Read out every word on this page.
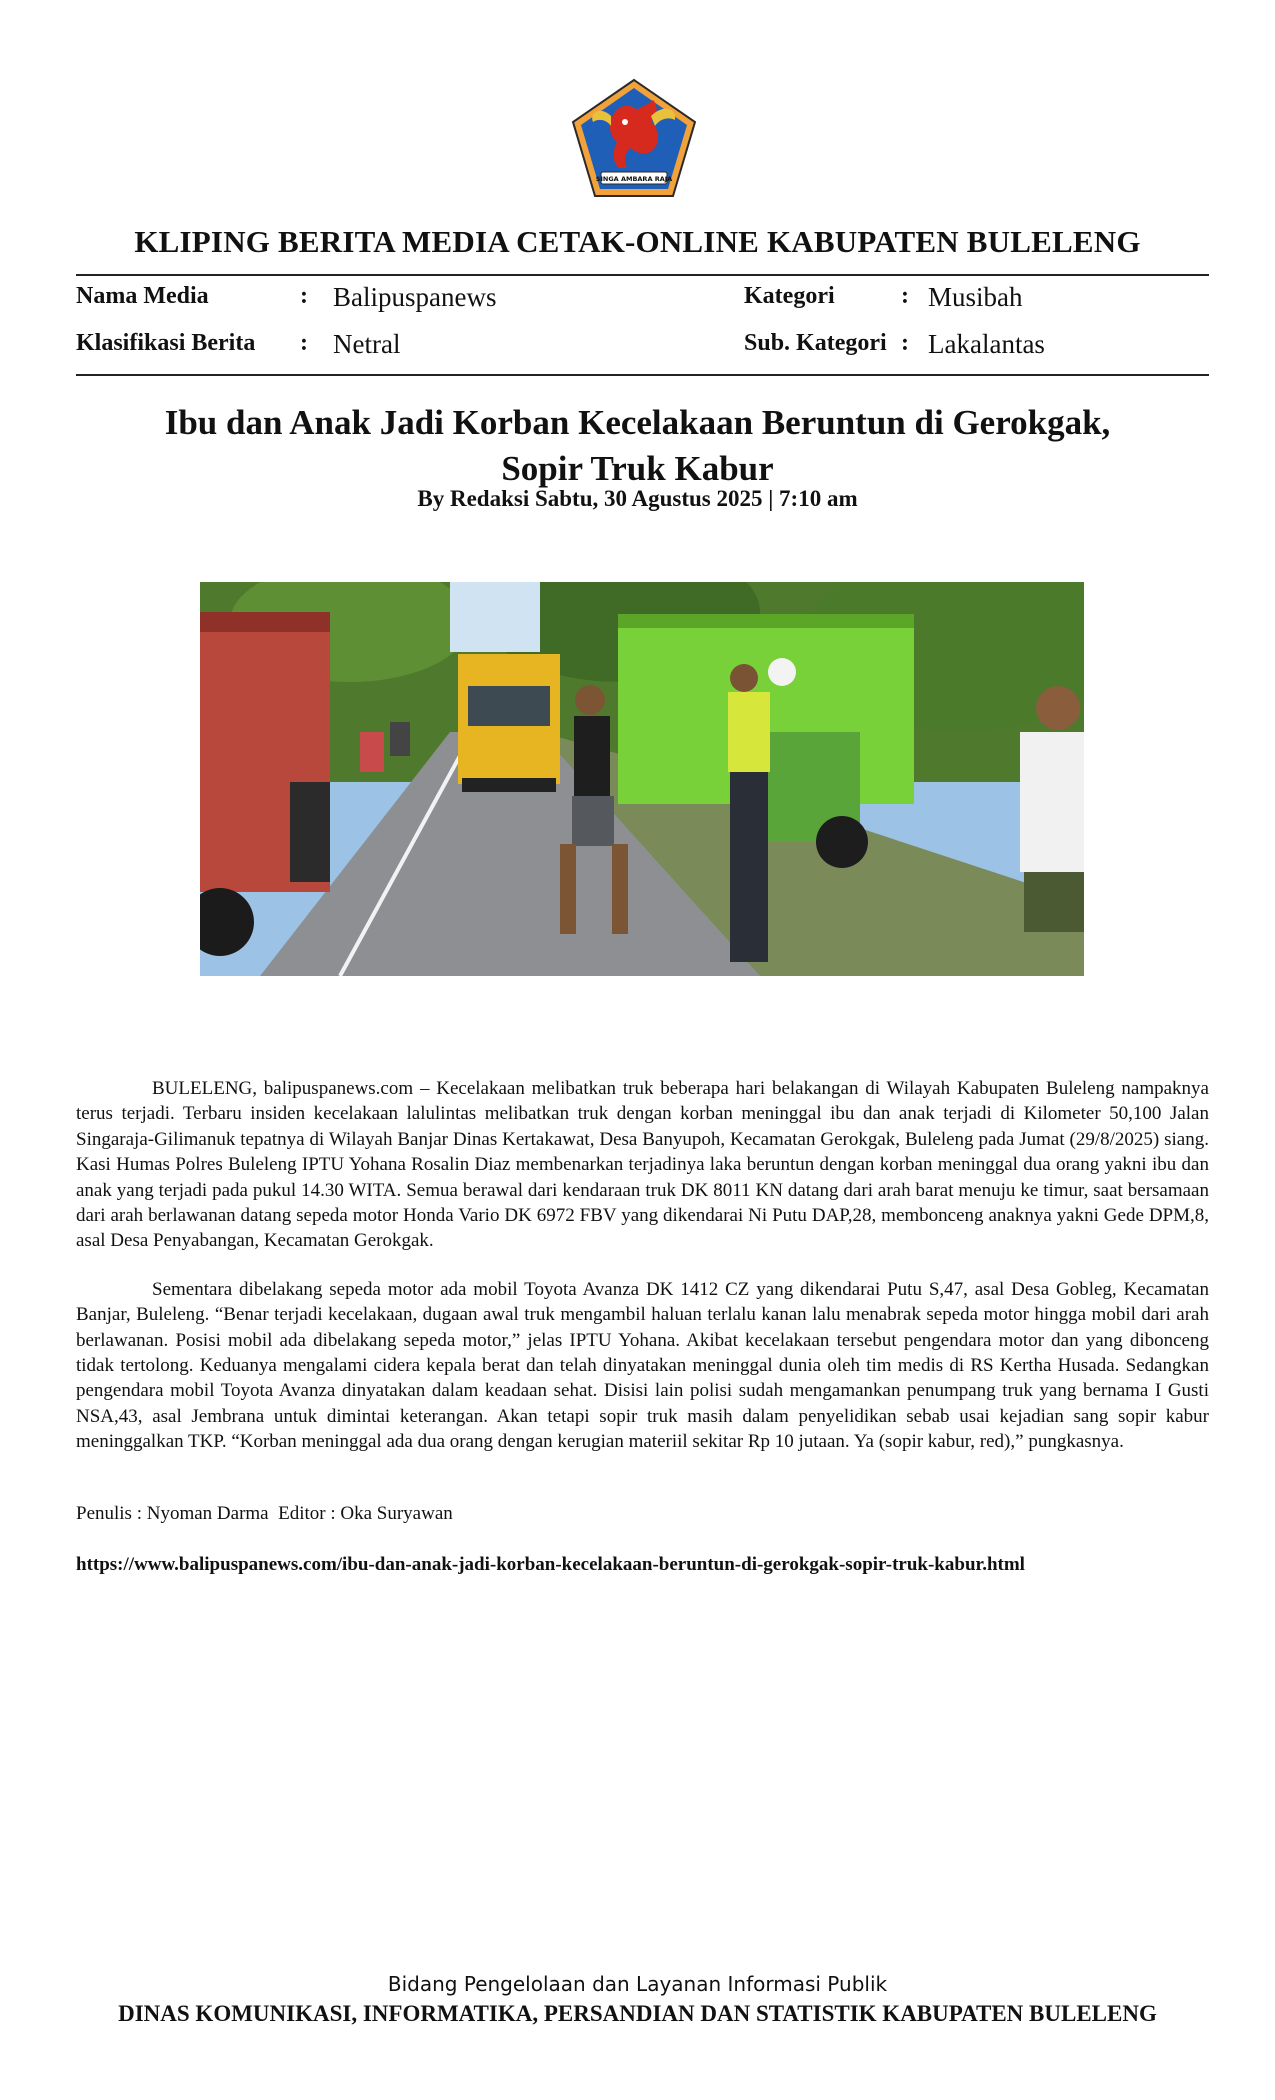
SINGA AMBARA RAJA
KLIPING BERITA MEDIA CETAK-ONLINE KABUPATEN BULELENG
Nama Media	: Balipuspanews	Kategori	: Musibah
Klasifikasi Berita : Netral	Sub. Kategori : Lakalantas
Ibu dan Anak Jadi Korban Kecelakaan Beruntun di Gerokgak,
Sopir Truk Kabur
By Redaksi Sabtu, 30 Agustus 2025 | 7:10 am

BULELENG, balipuspanews.com – Kecelakaan melibatkan truk beberapa hari belakangan di Wilayah Kabupaten Buleleng nampaknya terus terjadi. Terbaru insiden kecelakaan lalulintas melibatkan truk dengan korban meninggal ibu dan anak terjadi di Kilometer 50,100 Jalan Singaraja-Gilimanuk tepatnya di Wilayah Banjar Dinas Kertakawat, Desa Banyupoh, Kecamatan Gerokgak, Buleleng pada Jumat (29/8/2025) siang. Kasi Humas Polres Buleleng IPTU Yohana Rosalin Diaz membenarkan terjadinya laka beruntun dengan korban meninggal dua orang yakni ibu dan anak yang terjadi pada pukul 14.30 WITA. Semua berawal dari kendaraan truk DK 8011 KN datang dari arah barat menuju ke timur, saat bersamaan dari arah berlawanan datang sepeda motor Honda Vario DK 6972 FBV yang dikendarai Ni Putu DAP,28, membonceng anaknya yakni Gede DPM,8, asal Desa Penyabangan, Kecamatan Gerokgak.

Sementara dibelakang sepeda motor ada mobil Toyota Avanza DK 1412 CZ yang dikendarai Putu S,47, asal Desa Gobleg, Kecamatan Banjar, Buleleng. “Benar terjadi kecelakaan, dugaan awal truk mengambil haluan terlalu kanan lalu menabrak sepeda motor hingga mobil dari arah berlawanan. Posisi mobil ada dibelakang sepeda motor,” jelas IPTU Yohana. Akibat kecelakaan tersebut pengendara motor dan yang dibonceng tidak tertolong. Keduanya mengalami cidera kepala berat dan telah dinyatakan meninggal dunia oleh tim medis di RS Kertha Husada. Sedangkan pengendara mobil Toyota Avanza dinyatakan dalam keadaan sehat. Disisi lain polisi sudah mengamankan penumpang truk yang bernama I Gusti NSA,43, asal Jembrana untuk dimintai keterangan. Akan tetapi sopir truk masih dalam penyelidikan sebab usai kejadian sang sopir kabur meninggalkan TKP. “Korban meninggal ada dua orang dengan kerugian materiil sekitar Rp 10 jutaan. Ya (sopir kabur, red),” pungkasnya.

Penulis : Nyoman Darma  Editor : Oka Suryawan
https://www.balipuspanews.com/ibu-dan-anak-jadi-korban-kecelakaan-beruntun-di-gerokgak-sopir-truk-kabur.html
Bidang Pengelolaan dan Layanan Informasi Publik
DINAS KOMUNIKASI, INFORMATIKA, PERSANDIAN DAN STATISTIK KABUPATEN BULELENG
